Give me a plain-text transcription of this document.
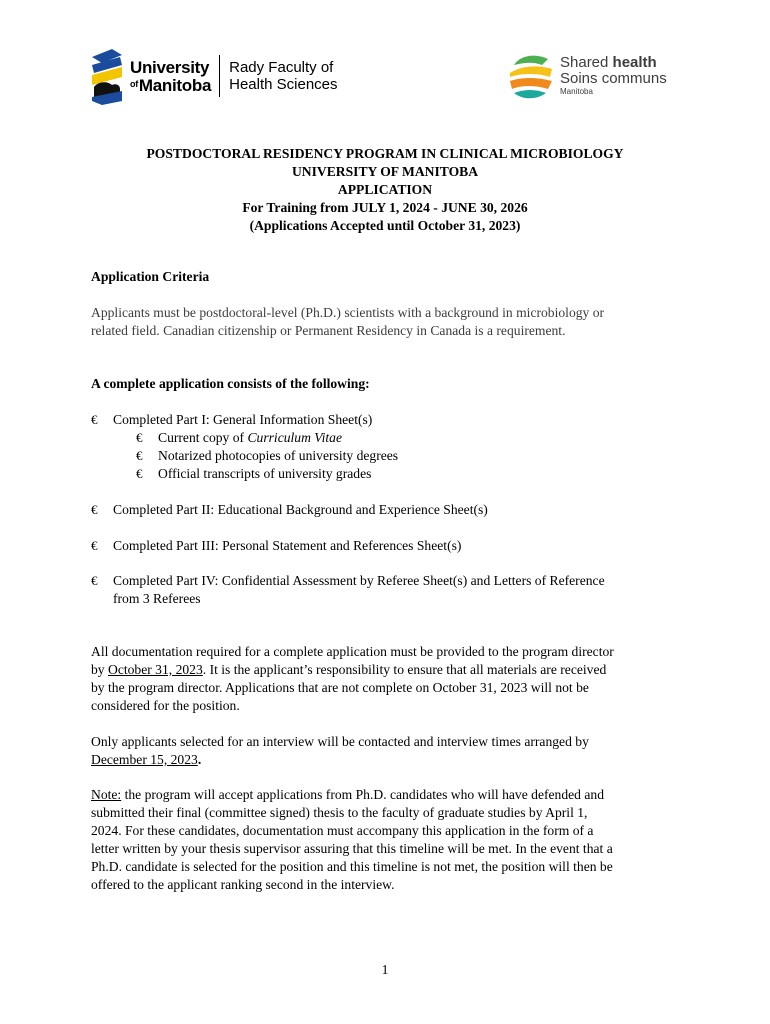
University
$^{of}$Manitoba
Rady Faculty of
Health Sciences
Shared health
Soins communs
Manitoba
POSTDOCTORAL RESIDENCY PROGRAM IN CLINICAL MICROBIOLOGY
UNIVERSITY OF MANITOBA
APPLICATION
For Training from JULY 1, 2024 - JUNE 30, 2026
(Applications Accepted until October 31, 2023)
Application Criteria
Applicants must be postdoctoral-level (Ph.D.) scientists with a background in microbiology or
related field. Canadian citizenship or Permanent Residency in Canada is a requirement.
A complete application consists of the following:
€ Completed Part I: General Information Sheet(s)
€ Current copy of Curriculum Vitae
€ Notarized photocopies of university degrees
€ Official transcripts of university grades
€ Completed Part II: Educational Background and Experience Sheet(s)
€ Completed Part III: Personal Statement and References Sheet(s)
€ Completed Part IV: Confidential Assessment by Referee Sheet(s) and Letters of Reference
from 3 Referees
All documentation required for a complete application must be provided to the program director
by October 31, 2023. It is the applicant’s responsibility to ensure that all materials are received
by the program director. Applications that are not complete on October 31, 2023 will not be
considered for the position.
Only applicants selected for an interview will be contacted and interview times arranged by
December 15, 2023.
Note: the program will accept applications from Ph.D. candidates who will have defended and
submitted their final (committee signed) thesis to the faculty of graduate studies by April 1,
2024. For these candidates, documentation must accompany this application in the form of a
letter written by your thesis supervisor assuring that this timeline will be met. In the event that a
Ph.D. candidate is selected for the position and this timeline is not met, the position will then be
offered to the applicant ranking second in the interview.
1
